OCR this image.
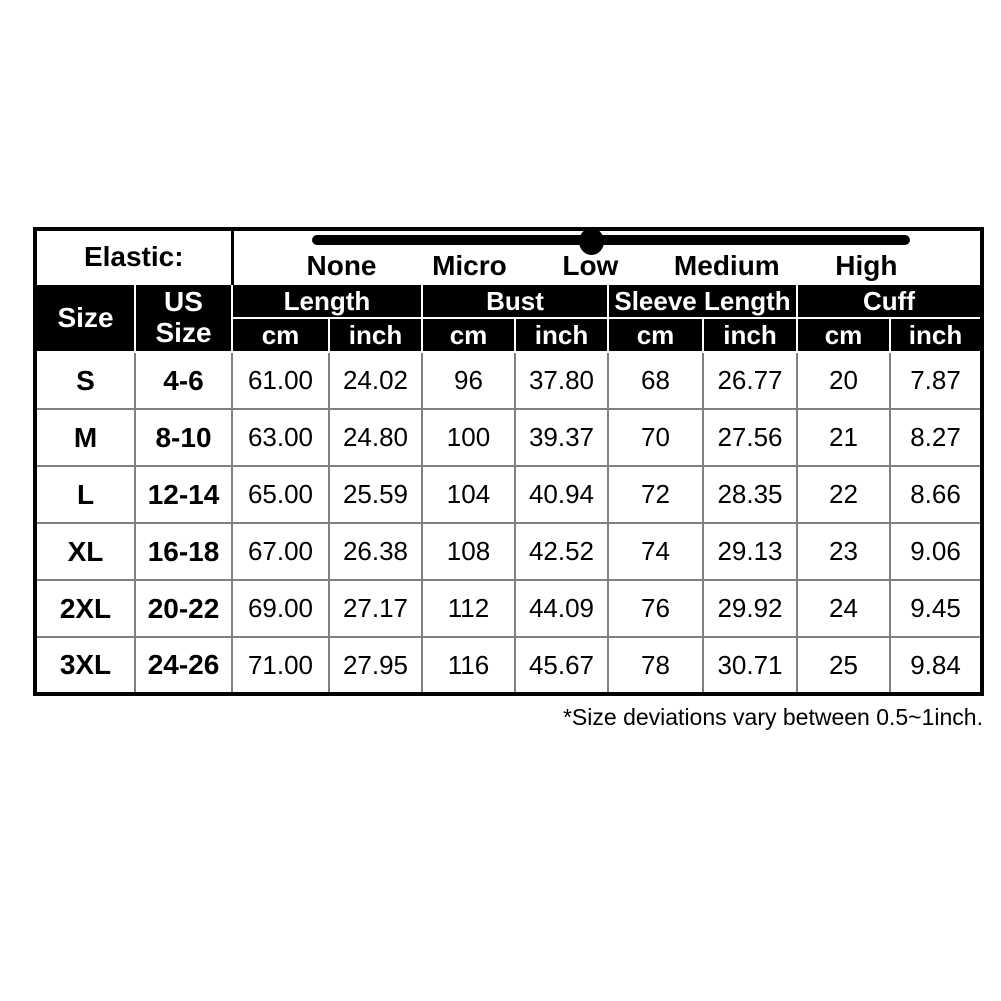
Elastic:		None Micro Low Medium High							

Size	US Size	Length		Bust		Sleeve Length		Cuff	
		cm	inch	cm	inch	cm	inch	cm	inch
S	4-6	61.00	24.02	96	37.80	68	26.77	20	7.87
M	8-10	63.00	24.80	100	39.37	70	27.56	21	8.27
L	12-14	65.00	25.59	104	40.94	72	28.35	22	8.66
XL	16-18	67.00	26.38	108	42.52	74	29.13	23	9.06
2XL	20-22	69.00	27.17	112	44.09	76	29.92	24	9.45
3XL	24-26	71.00	27.95	116	45.67	78	30.71	25	9.84
*Size deviations vary between 0.5~1inch.
